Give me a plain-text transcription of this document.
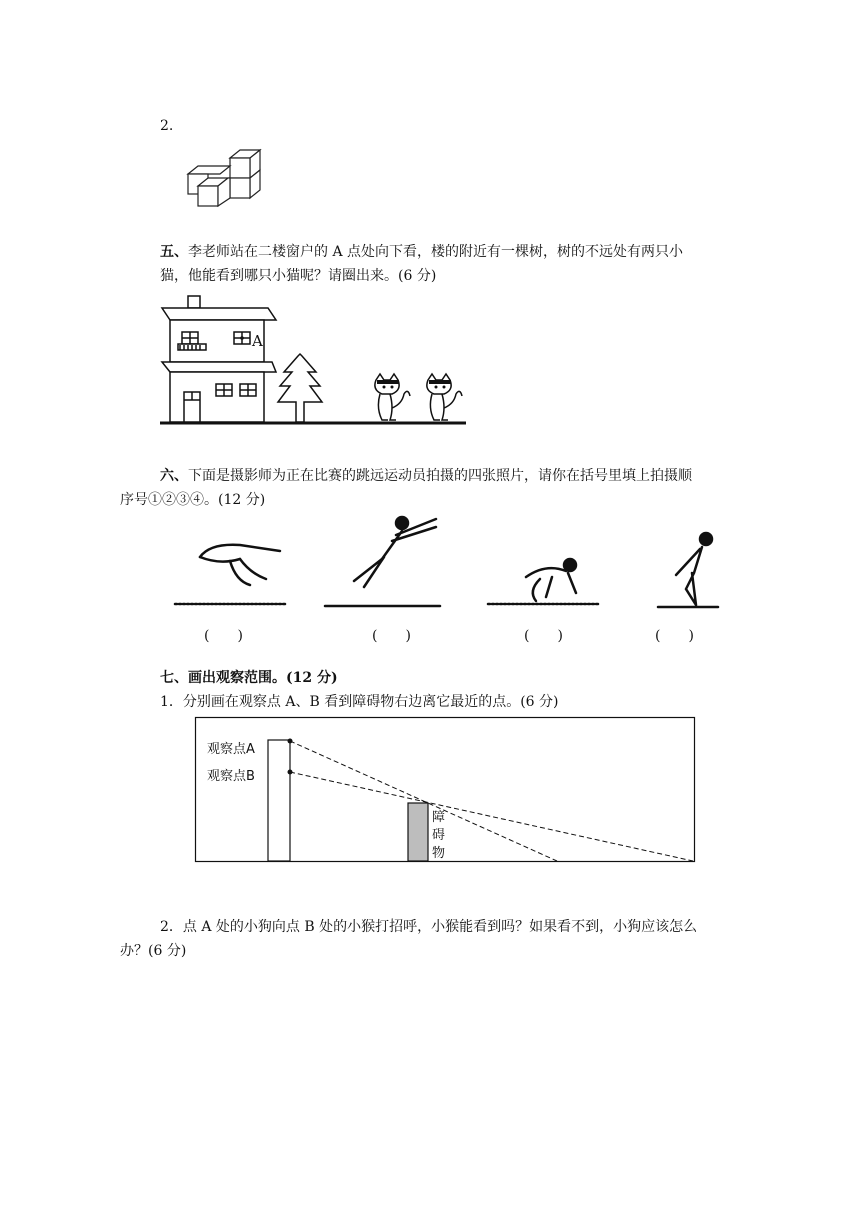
2.
五、李老师站在二楼窗户的 A 点处向下看，楼的附近有一棵树，树的不远处有两只小
猫，他能看到哪只小猫呢？请圈出来。(6 分)
A
六、下面是摄影师为正在比赛的跳远运动员拍摄的四张照片，请你在括号里填上拍摄顺
序号①②③④。(12 分)
(　　)	(　　)	(　　)	(　　)
七、画出观察范围。(12 分)
1．分别画在观察点 A、B 看到障碍物右边离它最近的点。(6 分)
观察点A
观察点B
障
碍
物
2．点 A 处的小狗向点 B 处的小猴打招呼，小猴能看到吗？如果看不到，小狗应该怎么
办？(6 分)
